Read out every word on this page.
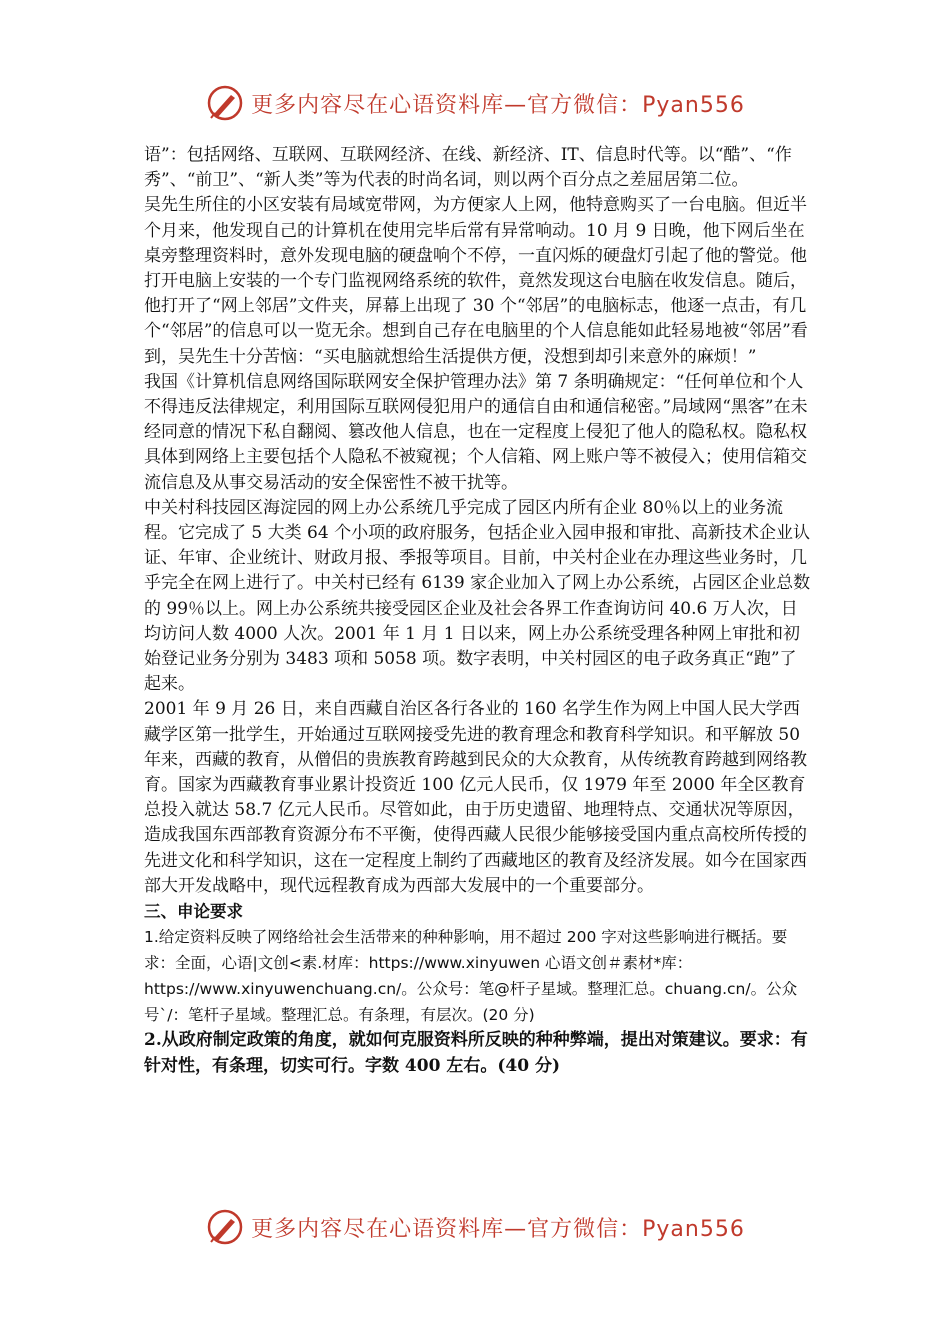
更多内容尽在心语资料库—官方微信：Pyan556

语”：包括网络、互联网、互联网经济、在线、新经济、IT、信息时代等。以“酷”、“作秀”、“前卫”、“新人类”等为代表的时尚名词，则以两个百分点之差屈居第二位。

吴先生所住的小区安装有局域宽带网，为方便家人上网，他特意购买了一台电脑。但近半个月来，他发现自己的计算机在使用完毕后常有异常响动。10 月 9 日晚，他下网后坐在桌旁整理资料时，意外发现电脑的硬盘响个不停，一直闪烁的硬盘灯引起了他的警觉。他打开电脑上安装的一个专门监视网络系统的软件，竟然发现这台电脑在收发信息。随后，他打开了“网上邻居”文件夹，屏幕上出现了 30 个“邻居”的电脑标志，他逐一点击，有几个“邻居”的信息可以一览无余。想到自己存在电脑里的个人信息能如此轻易地被“邻居”看到，吴先生十分苦恼：“买电脑就想给生活提供方便，没想到却引来意外的麻烦！”

我国《计算机信息网络国际联网安全保护管理办法》第 7 条明确规定：“任何单位和个人不得违反法律规定，利用国际互联网侵犯用户的通信自由和通信秘密。”局域网“黑客”在未经同意的情况下私自翻阅、篡改他人信息，也在一定程度上侵犯了他人的隐私权。隐私权具体到网络上主要包括个人隐私不被窥视；个人信箱、网上账户等不被侵入；使用信箱交流信息及从事交易活动的安全保密性不被干扰等。

中关村科技园区海淀园的网上办公系统几乎完成了园区内所有企业 80％以上的业务流程。它完成了 5 大类 64 个小项的政府服务，包括企业入园申报和审批、高新技术企业认证、年审、企业统计、财政月报、季报等项目。目前，中关村企业在办理这些业务时，几乎完全在网上进行了。中关村已经有 6139 家企业加入了网上办公系统，占园区企业总数的 99％以上。网上办公系统共接受园区企业及社会各界工作查询访问 40.6 万人次，日均访问人数 4000 人次。2001 年 1 月 1 日以来，网上办公系统受理各种网上审批和初始登记业务分别为 3483 项和 5058 项。数字表明，中关村园区的电子政务真正“跑”了起来。

2001 年 9 月 26 日，来自西藏自治区各行各业的 160 名学生作为网上中国人民大学西藏学区第一批学生，开始通过互联网接受先进的教育理念和教育科学知识。和平解放 50 年来，西藏的教育，从僧侣的贵族教育跨越到民众的大众教育，从传统教育跨越到网络教育。国家为西藏教育事业累计投资近 100 亿元人民币，仅 1979 年至 2000 年全区教育总投入就达 58.7 亿元人民币。尽管如此，由于历史遗留、地理特点、交通状况等原因，造成我国东西部教育资源分布不平衡，使得西藏人民很少能够接受国内重点高校所传授的先进文化和科学知识，这在一定程度上制约了西藏地区的教育及经济发展。如今在国家西部大开发战略中，现代远程教育成为西部大发展中的一个重要部分。

三、申论要求

1.给定资料反映了网络给社会生活带来的种种影响，用不超过 200 字对这些影响进行概括。要求：全面，心语|文创<素.材库：https://www.xinyuwen 心语文创＃素材*库：https://www.xinyuwenchuang.cn/。公众号：笔@杆子星域。整理汇总。chuang.cn/。公众号`/：笔杆子星域。整理汇总。有条理，有层次。(20 分)

2.从政府制定政策的角度，就如何克服资料所反映的种种弊端，提出对策建议。要求：有针对性，有条理，切实可行。字数 400 左右。(40 分)

更多内容尽在心语资料库—官方微信：Pyan556
